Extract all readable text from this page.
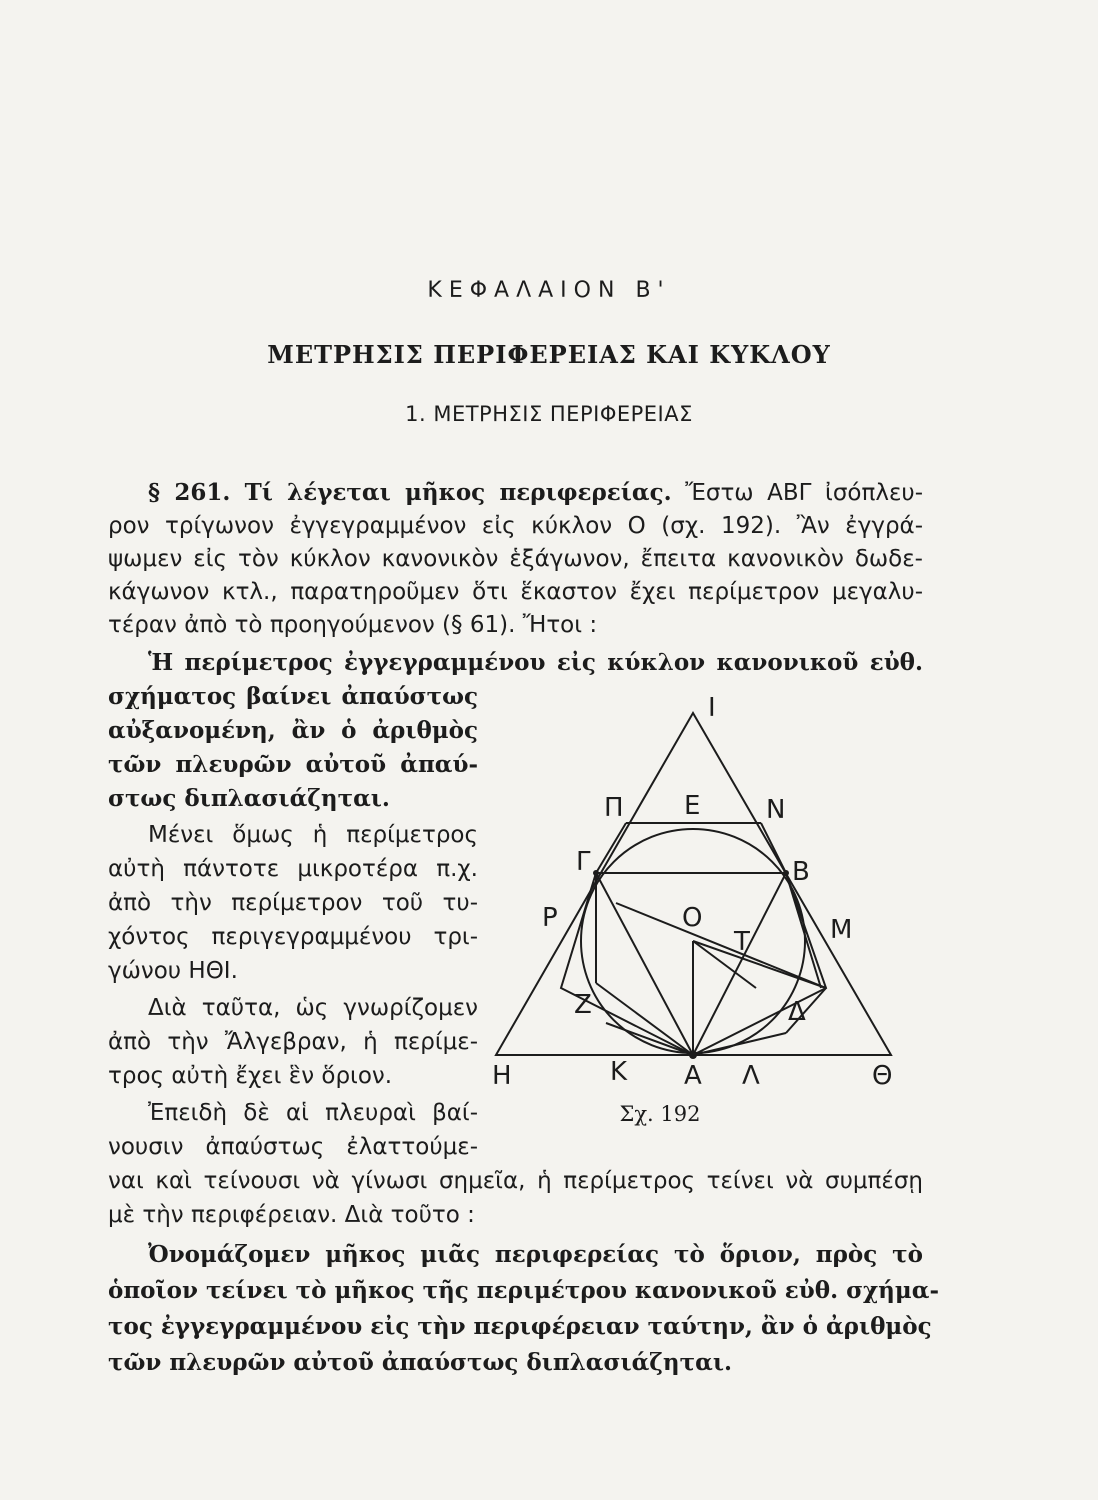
ΚΕΦΑΛΑΙΟΝ Β'
ΜΕΤΡΗΣΙΣ ΠΕΡΙΦΕΡΕΙΑΣ ΚΑΙ ΚΥΚΛΟΥ
1. ΜΕΤΡΗΣΙΣ ΠΕΡΙΦΕΡΕΙΑΣ
§ 261. Τί λέγεται μῆκος περιφερείας. Ἔστω ΑΒΓ ἰσόπλευ-
ρον τρίγωνον ἐγγεγραμμένον εἰς κύκλον Ο (σχ. 192). Ἂν ἐγγρά-
ψωμεν εἰς τὸν κύκλον κανονικὸν ἑξάγωνον, ἔπειτα κανονικὸν δωδε-
κάγωνον κτλ., παρατηροῦμεν ὅτι ἕκαστον ἔχει περίμετρον μεγαλυ-
τέραν ἀπὸ τὸ προηγούμενον (§ 61). Ἤτοι :
Ἡ περίμετρος ἐγγεγραμμένου εἰς κύκλον κανονικοῦ εὐθ.
σχήματος βαίνει ἀπαύστως
αὐξανομένη, ἂν ὁ ἀριθμὸς
τῶν πλευρῶν αὐτοῦ ἀπαύ-
στως διπλασιάζηται.
Μένει ὅμως ἡ περίμετρος
αὐτὴ πάντοτε μικροτέρα π.χ.
ἀπὸ τὴν περίμετρον τοῦ τυ-
χόντος περιγεγραμμένου τρι-
γώνου ΗΘΙ.
Διὰ ταῦτα, ὡς γνωρίζομεν
ἀπὸ τὴν Ἄλγεβραν, ἡ περίμε-
τρος αὐτὴ ἔχει ἓν ὅριον.
Ἐπειδὴ δὲ αἱ πλευραὶ βαί-
νουσιν ἀπαύστως ἐλαττούμε-
ναι καὶ τείνουσι νὰ γίνωσι σημεῖα, ἡ περίμετρος τείνει νὰ συμπέσῃ
μὲ τὴν περιφέρειαν. Διὰ τοῦτο :
Ὀνομάζομεν μῆκος μιᾶς περιφερείας τὸ ὅριον, πρὸς τὸ
ὁποῖον τείνει τὸ μῆκος τῆς περιμέτρου κανονικοῦ εὐθ. σχήμα-
τος ἐγγεγραμμένου εἰς τὴν περιφέρειαν ταύτην, ἂν ὁ ἀριθμὸς
τῶν πλευρῶν αὐτοῦ ἀπαύστως διπλασιάζηται.
Ι
Π Ε	Ν
Γ	Β
Ο
Ρ
Τ	Μ
Ζ	Δ
Η	Κ Α Λ	Θ
Σχ. 192
